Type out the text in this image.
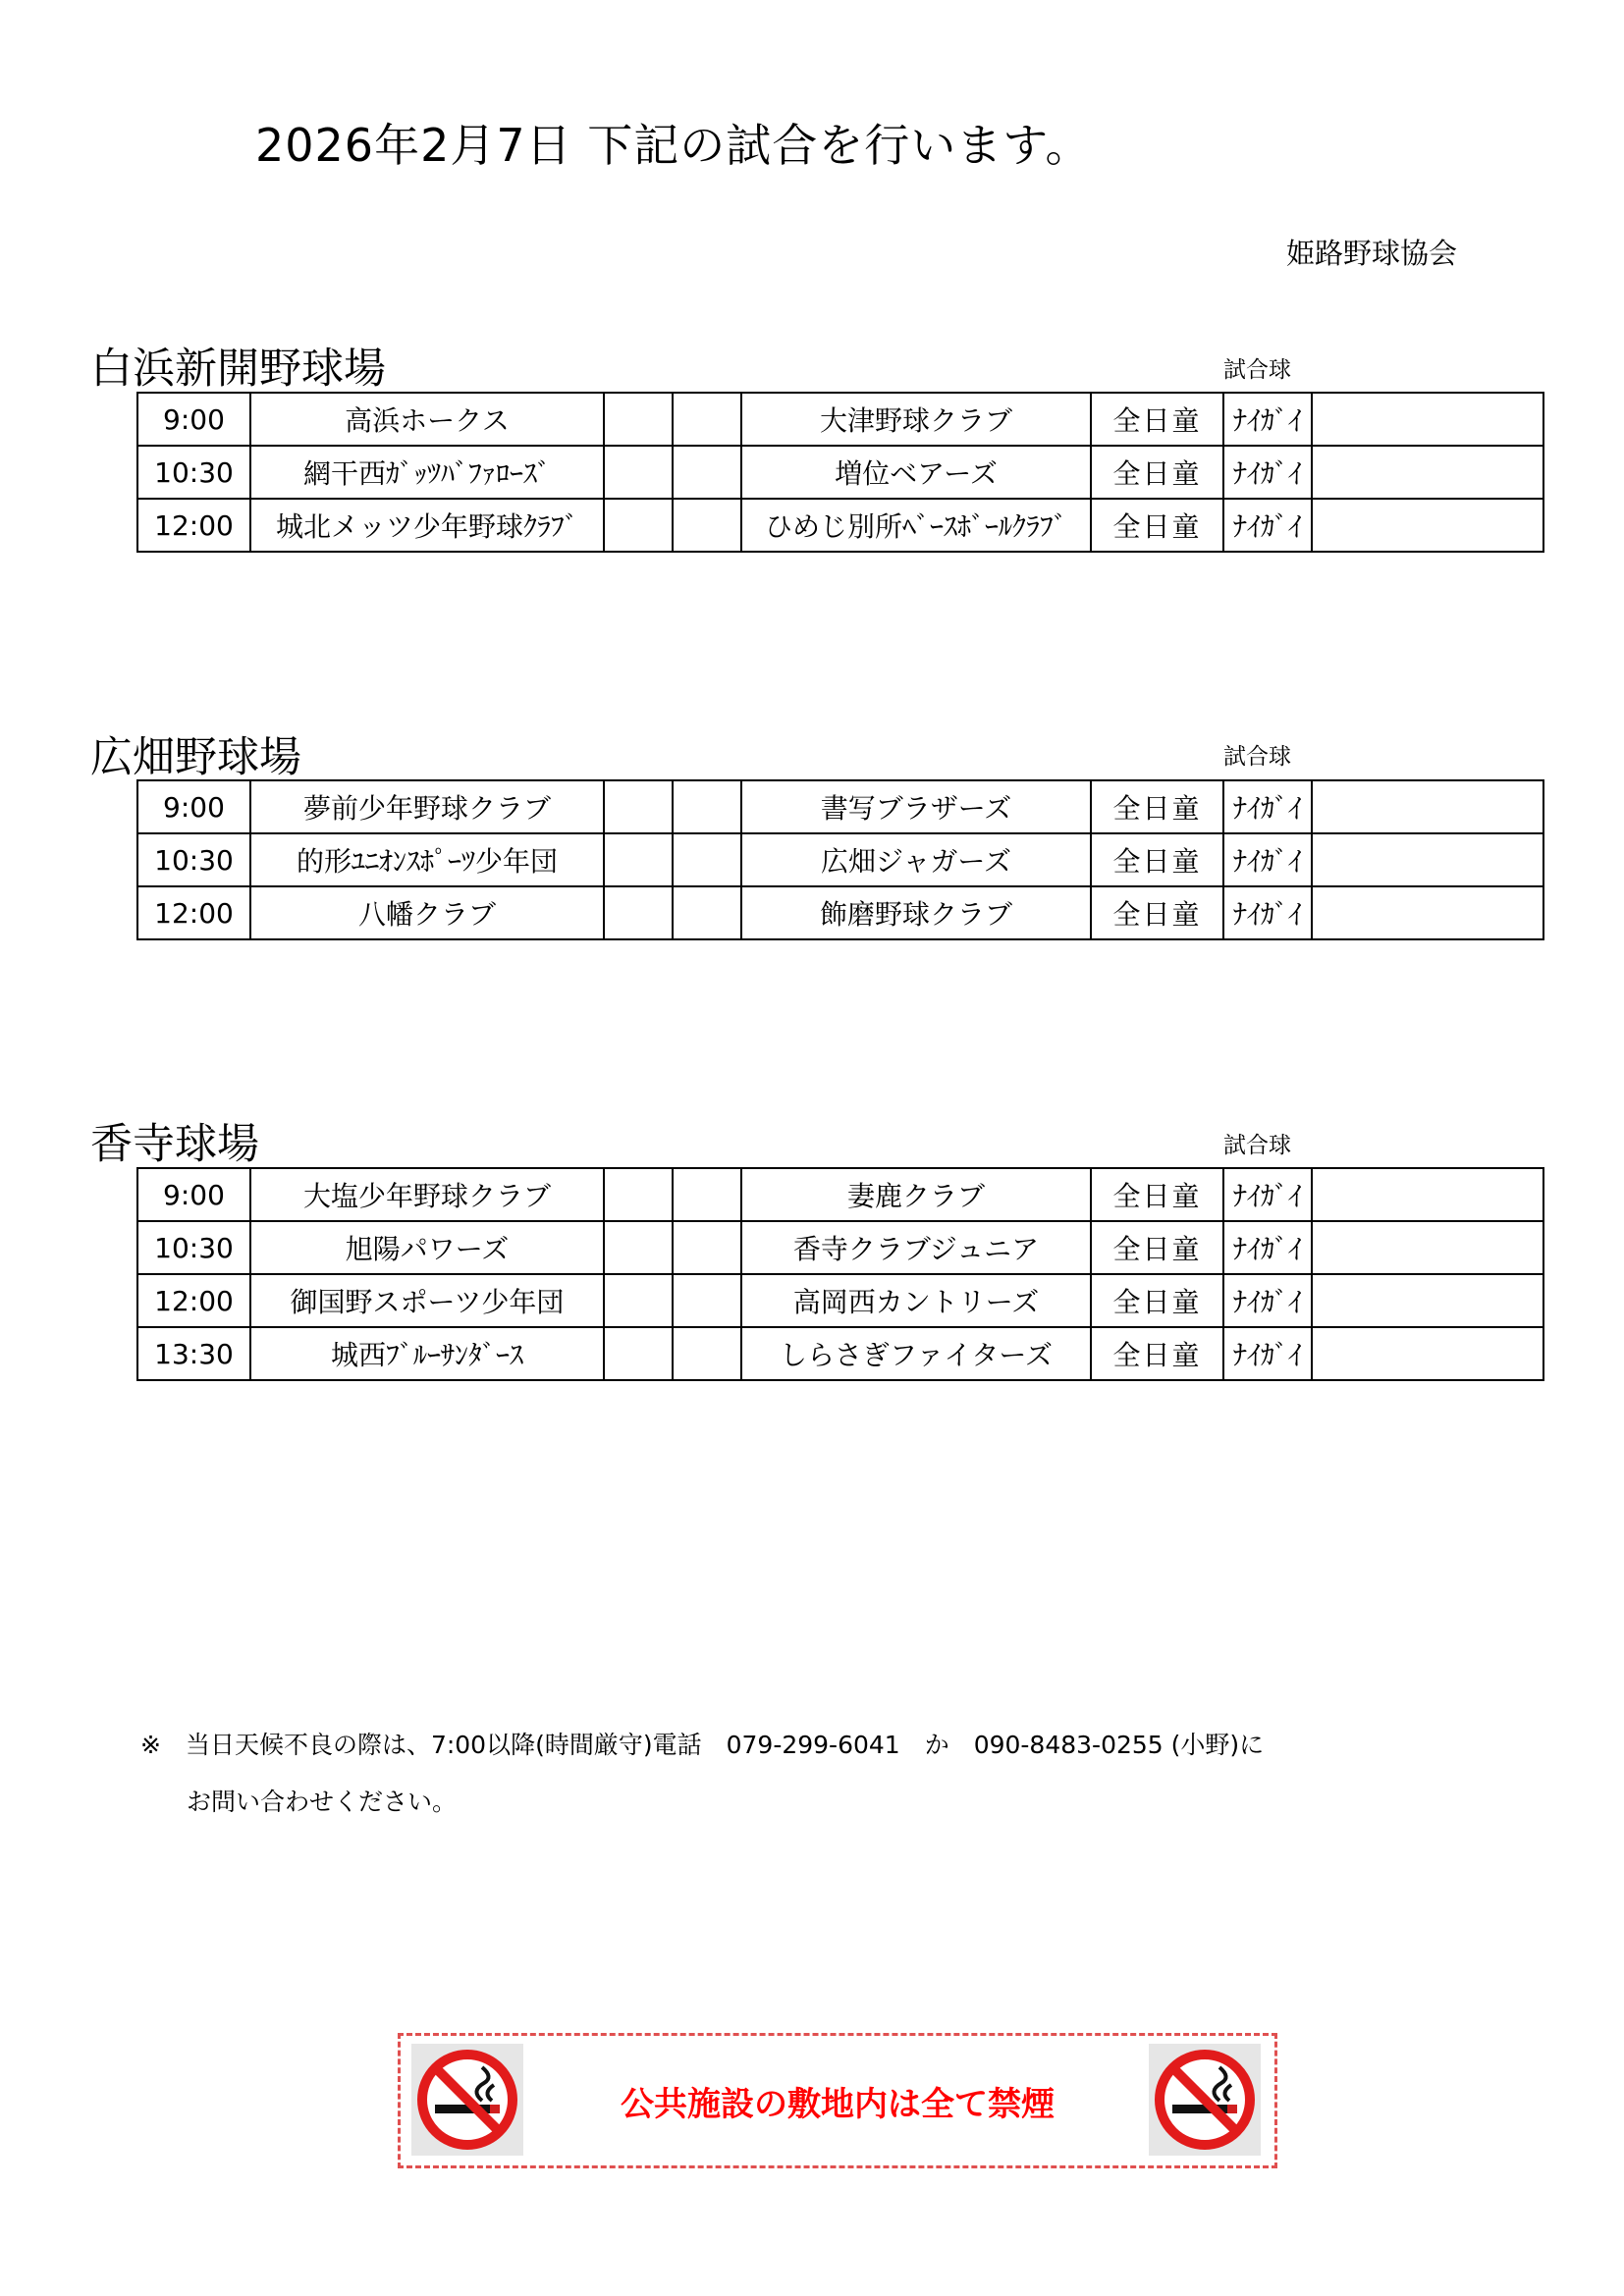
2026年2月7日 下記の試合を行います。
姫路野球協会
白浜新開野球場	試合球
9:00	高浜ホークス			大津野球クラブ	全日童	ﾅｲｶﾞｲ	
10:30	網干西ｶﾞｯﾂﾊﾞﾌｧﾛｰｽﾞ			増位ベアーズ	全日童	ﾅｲｶﾞｲ	
12:00	城北メッツ少年野球ｸﾗﾌﾞ			ひめじ別所ﾍﾞｰｽﾎﾞｰﾙｸﾗﾌﾞ	全日童	ﾅｲｶﾞｲ	
広畑野球場	試合球
9:00	夢前少年野球クラブ			書写ブラザーズ	全日童	ﾅｲｶﾞｲ	
10:30	的形ﾕﾆｵﾝｽﾎﾟｰﾂ少年団			広畑ジャガーズ	全日童	ﾅｲｶﾞｲ	
12:00	八幡クラブ			飾磨野球クラブ	全日童	ﾅｲｶﾞｲ	
香寺球場	試合球
9:00	大塩少年野球クラブ			妻鹿クラブ	全日童	ﾅｲｶﾞｲ	
10:30	旭陽パワーズ			香寺クラブジュニア	全日童	ﾅｲｶﾞｲ	
12:00	御国野スポーツ少年団			高岡西カントリーズ	全日童	ﾅｲｶﾞｲ	
13:30	城西ﾌﾞﾙｰｻﾝﾀﾞｰｽ			しらさぎファイターズ	全日童	ﾅｲｶﾞｲ	
※　当日天候不良の際は、7:00以降(時間厳守)電話　079-299-6041　か　090-8483-0255 (小野)に
お問い合わせください。
公共施設の敷地内は全て禁煙
